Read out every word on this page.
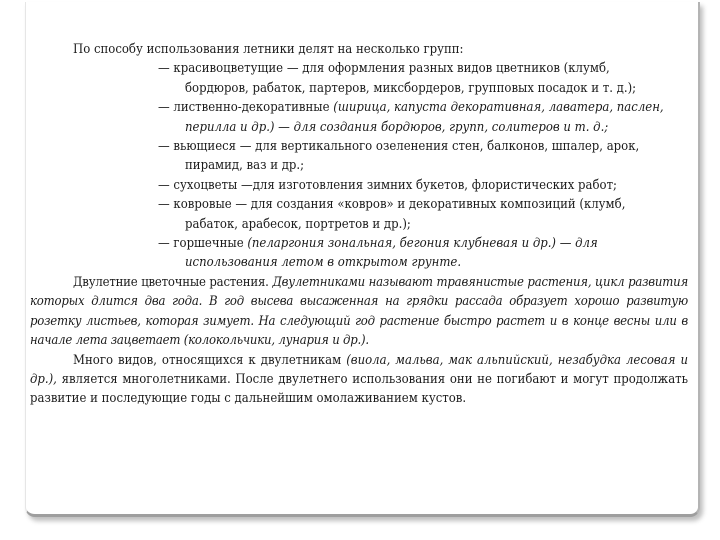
По способу использования летники делят на несколько групп:

— красивоцветущие — для оформления разных видов цветников (клумб, бордюров, рабаток, партеров, миксбордеров, групповых посадок и т. д.);

— лиственно-декоративные (ширица, капуста декоративная, лаватера, паслен, перилла и др.) — для создания бордюров, групп, солитеров и т. д.;

— вьющиеся — для вертикального озеленения стен, балконов, шпалер, арок, пирамид, ваз и др.;

— сухоцветы —для изготовления зимних букетов, флористических работ;

— ковровые — для создания «ковров» и декоративных композиций (клумб, рабаток, арабесок, портретов и др.);

— горшечные (пеларгония зональная, бегония клубневая и др.) — для использования летом в открытом грунте.

Двулетние цветочные растения. Двулетниками называют травянистые растения, цикл развития которых длится два года. В год высева высаженная на грядки рассада образует хорошо развитую розетку листьев, которая зимует. На следующий год растение быстро растет и в конце весны или в начале лета зацветает (колокольчики, лунария и др.).

Много видов, относящихся к двулетникам (виола, мальва, мак альпийский, незабудка лесовая и др.), является многолетниками. После двулетнего использования они не погибают и могут продолжать развитие и последующие годы с дальнейшим омолаживанием кустов.
